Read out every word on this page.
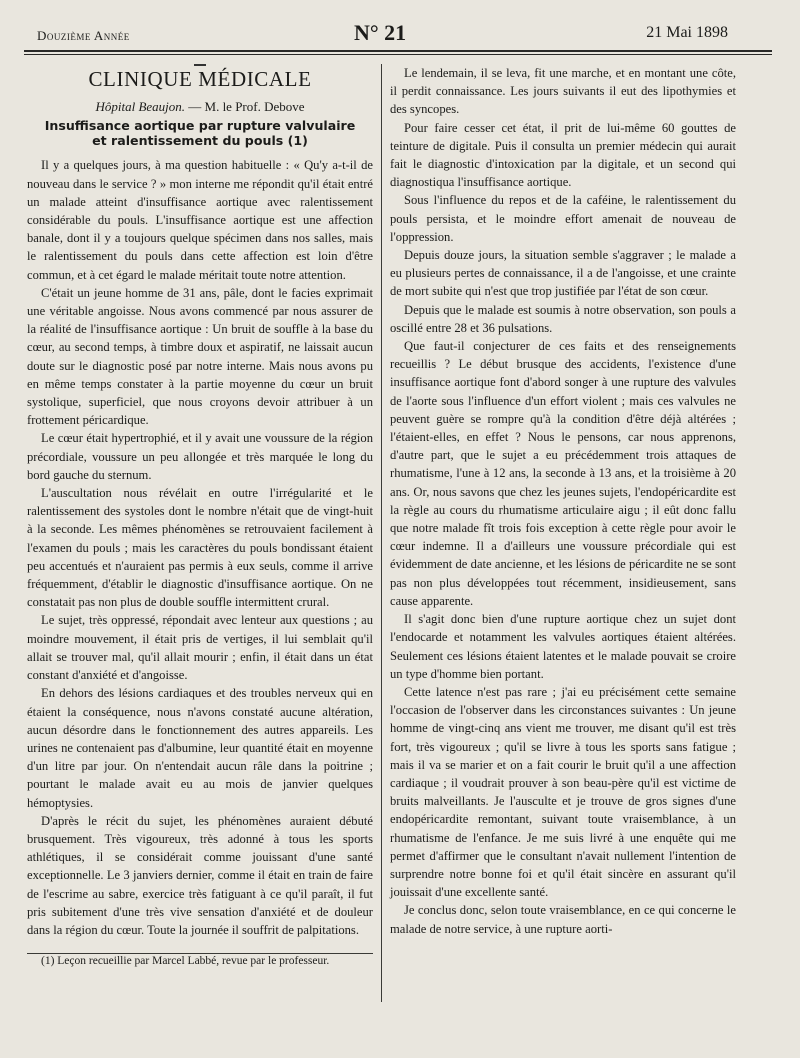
Douzième Année	N° 21	21 Mai 1898
CLINIQUE MÉDICALE

Hôpital Beaujon. — M. le Prof. Debove

Insuffisance aortique par rupture valvulaire
et ralentissement du pouls (1)

Il y a quelques jours, à ma question habituelle : « Qu'y a-t-il de nouveau dans le service ? » mon interne me répondit qu'il était entré un malade atteint d'insuffisance aortique avec ralentissement considérable du pouls. L'insuffisance aortique est une affection banale, dont il y a toujours quelque spécimen dans nos salles, mais le ralentissement du pouls dans cette affection est loin d'être commun, et à cet égard le malade méritait toute notre attention.

C'était un jeune homme de 31 ans, pâle, dont le facies exprimait une véritable angoisse. Nous avons commencé par nous assurer de la réalité de l'insuffisance aortique : Un bruit de souffle à la base du cœur, au second temps, à timbre doux et aspiratif, ne laissait aucun doute sur le diagnostic posé par notre interne. Mais nous avons pu en même temps constater à la partie moyenne du cœur un bruit systolique, superficiel, que nous croyons devoir attribuer à un frottement péricardique.

Le cœur était hypertrophié, et il y avait une voussure de la région précordiale, voussure un peu allongée et très marquée le long du bord gauche du sternum.

L'auscultation nous révélait en outre l'irrégularité et le ralentissement des systoles dont le nombre n'était que de vingt-huit à la seconde. Les mêmes phénomènes se retrouvaient facilement à l'examen du pouls ; mais les caractères du pouls bondissant étaient peu accentués et n'auraient pas permis à eux seuls, comme il arrive fréquemment, d'établir le diagnostic d'insuffisance aortique. On ne constatait pas non plus de double souffle intermittent crural.

Le sujet, très oppressé, répondait avec lenteur aux questions ; au moindre mouvement, il était pris de vertiges, il lui semblait qu'il allait se trouver mal, qu'il allait mourir ; enfin, il était dans un état constant d'anxiété et d'angoisse.

En dehors des lésions cardiaques et des troubles nerveux qui en étaient la conséquence, nous n'avons constaté aucune altération, aucun désordre dans le fonctionnement des autres appareils. Les urines ne contenaient pas d'albumine, leur quantité était en moyenne d'un litre par jour. On n'entendait aucun râle dans la poitrine ; pourtant le malade avait eu au mois de janvier quelques hémoptysies.

D'après le récit du sujet, les phénomènes auraient débuté brusquement. Très vigoureux, très adonné à tous les sports athlétiques, il se considérait comme jouissant d'une santé exceptionnelle. Le 3 janviers dernier, comme il était en train de faire de l'escrime au sabre, exercice très fatiguant à ce qu'il paraît, il fut pris subitement d'une très vive sensation d'anxiété et de douleur dans la région du cœur. Toute la journée il souffrit de palpitations.

(1) Leçon recueillie par Marcel Labbé, revue par le professeur.

Le lendemain, il se leva, fit une marche, et en montant une côte, il perdit connaissance. Les jours suivants il eut des lipothymies et des syncopes.

Pour faire cesser cet état, il prit de lui-même 60 gouttes de teinture de digitale. Puis il consulta un premier médecin qui aurait fait le diagnostic d'intoxication par la digitale, et un second qui diagnostiqua l'insuffisance aortique.

Sous l'influence du repos et de la caféine, le ralentissement du pouls persista, et le moindre effort amenait de nouveau de l'oppression.

Depuis douze jours, la situation semble s'aggraver ; le malade a eu plusieurs pertes de connaissance, il a de l'angoisse, et une crainte de mort subite qui n'est que trop justifiée par l'état de son cœur.

Depuis que le malade est soumis à notre observation, son pouls a oscillé entre 28 et 36 pulsations.

Que faut-il conjecturer de ces faits et des renseignements recueillis ? Le début brusque des accidents, l'existence d'une insuffisance aortique font d'abord songer à une rupture des valvules de l'aorte sous l'influence d'un effort violent ; mais ces valvules ne peuvent guère se rompre qu'à la condition d'être déjà altérées ; l'étaient-elles, en effet ? Nous le pensons, car nous apprenons, d'autre part, que le sujet a eu précédemment trois attaques de rhumatisme, l'une à 12 ans, la seconde à 13 ans, et la troisième à 20 ans. Or, nous savons que chez les jeunes sujets, l'endopéricardite est la règle au cours du rhumatisme articulaire aigu ; il eût donc fallu que notre malade fît trois fois exception à cette règle pour avoir le cœur indemne. Il a d'ailleurs une voussure précordiale qui est évidemment de date ancienne, et les lésions de péricardite ne se sont pas non plus développées tout récemment, insidieusement, sans cause apparente.

Il s'agit donc bien d'une rupture aortique chez un sujet dont l'endocarde et notamment les valvules aortiques étaient altérées. Seulement ces lésions étaient latentes et le malade pouvait se croire un type d'homme bien portant.

Cette latence n'est pas rare ; j'ai eu précisément cette semaine l'occasion de l'observer dans les circonstances suivantes : Un jeune homme de vingt-cinq ans vient me trouver, me disant qu'il est très fort, très vigoureux ; qu'il se livre à tous les sports sans fatigue ; mais il va se marier et on a fait courir le bruit qu'il a une affection cardiaque ; il voudrait prouver à son beau-père qu'il est victime de bruits malveillants. Je l'ausculte et je trouve de gros signes d'une endopéricardite remontant, suivant toute vraisemblance, à un rhumatisme de l'enfance. Je me suis livré à une enquête qui me permet d'affirmer que le consultant n'avait nullement l'intention de surprendre notre bonne foi et qu'il était sincère en assurant qu'il jouissait d'une excellente santé.

Je conclus donc, selon toute vraisemblance, en ce qui concerne le malade de notre service, à une rupture aorti-
